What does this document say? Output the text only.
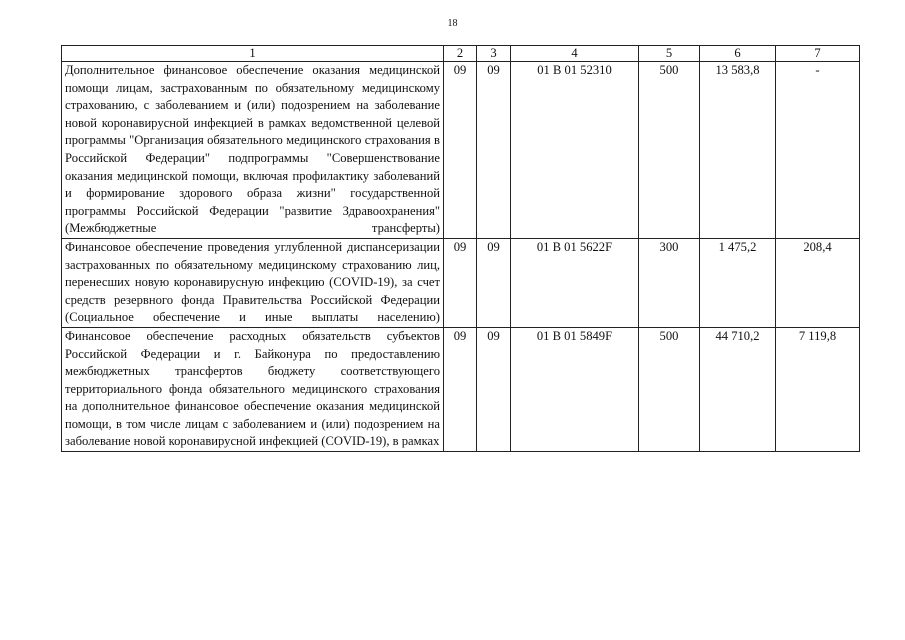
18
1	2	3	4	5	6	7
Дополнительное финансовое обеспечение оказания медицинской помощи лицам, застрахованным по обязательному медицинскому страхованию, с заболеванием и (или) подозрением на заболевание новой коронавирусной инфекцией в рамках ведомственной целевой программы "Организация обязательного медицинского страхования в Российской Федерации" подпрограммы "Совершенствование оказания медицинской помощи, включая профилактику заболеваний и формирование здорового образа жизни" государственной программы Российской Федерации "развитие Здравоохранения" (Межбюджетные трансферты)	09	09	01 В 01 52310	500	13 583,8	-
Финансовое обеспечение проведения углубленной диспансеризации застрахованных по обязательному медицинскому страхованию лиц, перенесших новую коронавирусную инфекцию (COVID-19), за счет средств резервного фонда Правительства Российской Федерации (Социальное обеспечение и иные выплаты населению)	09	09	01 В 01 5622F	300	1 475,2	208,4
Финансовое обеспечение расходных обязательств субъектов Российской Федерации и г. Байконура по предоставлению межбюджетных трансфертов бюджету соответствующего территориального фонда обязательного медицинского страхования на дополнительное финансовое обеспечение оказания медицинской помощи, в том числе лицам с заболеванием и (или) подозрением на заболевание новой коронавирусной инфекцией (COVID-19), в рамках	09	09	01 В 01 5849F	500	44 710,2	7 119,8
